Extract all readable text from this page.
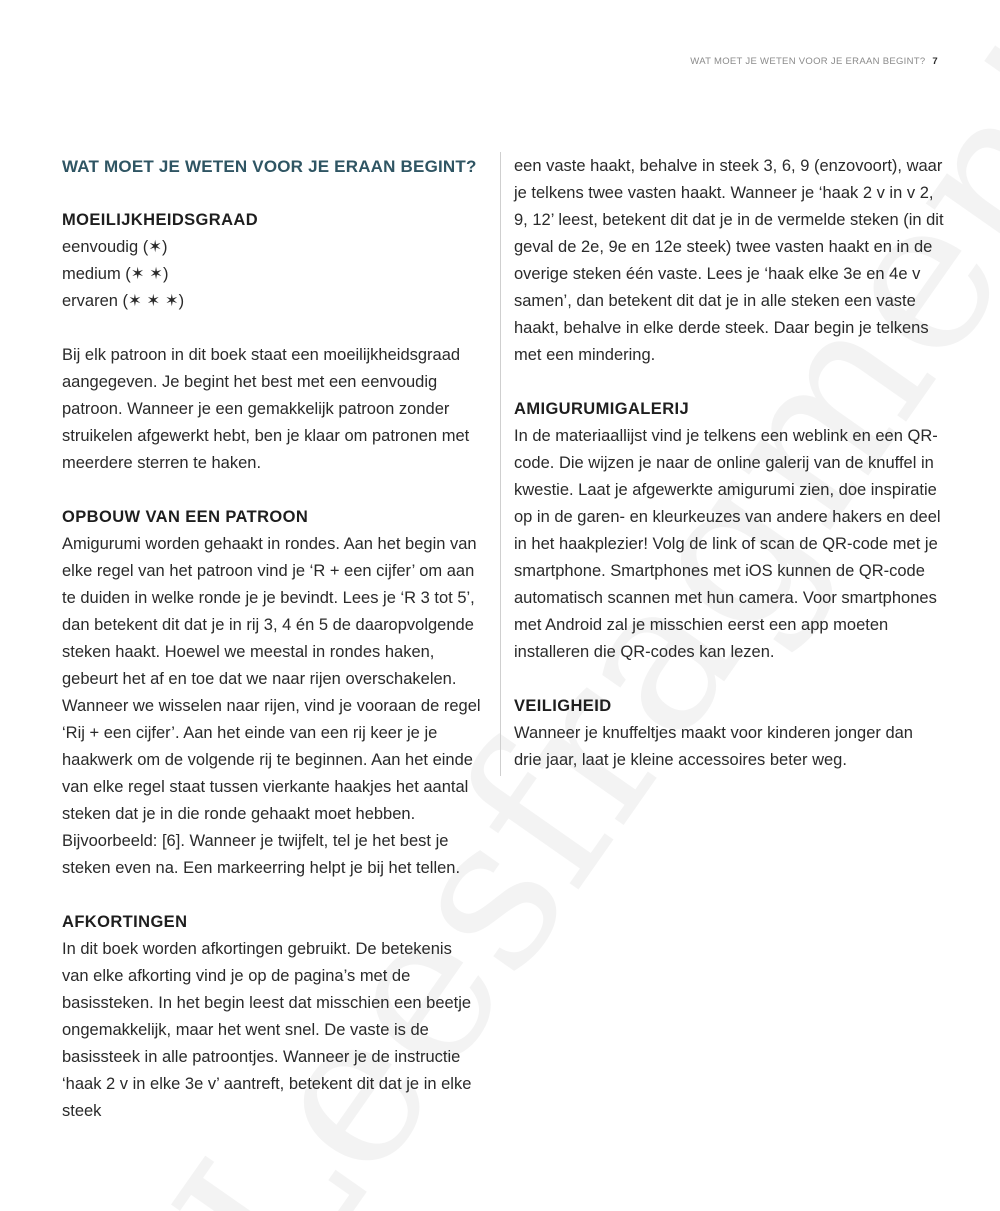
WAT MOET JE WETEN VOOR JE ERAAN BEGINT? 7
WAT MOET JE WETEN VOOR JE ERAAN BEGINT?
MOEILIJKHEIDSGRAAD

eenvoudig (✶)

medium (✶ ✶)

ervaren (✶ ✶ ✶)

Bij elk patroon in dit boek staat een moeilijkheidsgraad aangegeven. Je begint het best met een eenvoudig patroon. Wanneer je een gemakkelijk patroon zonder struikelen afgewerkt hebt, ben je klaar om patronen met meerdere sterren te haken.

OPBOUW VAN EEN PATROON

Amigurumi worden gehaakt in rondes. Aan het begin van elke regel van het patroon vind je ‘R + een cijfer’ om aan te duiden in welke ronde je je bevindt. Lees je ‘R 3 tot 5’, dan betekent dit dat je in rij 3, 4 én 5 de daaropvolgende steken haakt. Hoewel we meestal in rondes haken, gebeurt het af en toe dat we naar rijen overschakelen. Wanneer we wisselen naar rijen, vind je vooraan de regel ‘Rij + een cijfer’. Aan het einde van een rij keer je je haakwerk om de volgende rij te beginnen. Aan het einde van elke regel staat tussen vierkante haakjes het aantal steken dat je in die ronde gehaakt moet hebben. Bijvoorbeeld: [6]. Wanneer je twijfelt, tel je het best je steken even na. Een markeerring helpt je bij het tellen.

AFKORTINGEN

In dit boek worden afkortingen gebruikt. De betekenis van elke afkorting vind je op de pagina’s met de basissteken. In het begin leest dat misschien een beetje ongemakkelijk, maar het went snel. De vaste is de basissteek in alle patroontjes. Wanneer je de instructie ‘haak 2 v in elke 3e v’ aantreft, betekent dit dat je in elke steek

een vaste haakt, behalve in steek 3, 6, 9 (enzovoort), waar je telkens twee vasten haakt. Wanneer je ‘haak 2 v in v 2, 9, 12’ leest, betekent dit dat je in de vermelde steken (in dit geval de 2e, 9e en 12e steek) twee vasten haakt en in de overige steken één vaste. Lees je ‘haak elke 3e en 4e v samen’, dan betekent dit dat je in alle steken een vaste haakt, behalve in elke derde steek. Daar begin je telkens met een mindering.

AMIGURUMIGALERIJ

In de materiaallijst vind je telkens een weblink en een QR-code. Die wijzen je naar de online galerij van de knuffel in kwestie. Laat je afgewerkte amigurumi zien, doe inspiratie op in de garen- en kleurkeuzes van andere hakers en deel in het haakplezier! Volg de link of scan de QR-code met je smartphone. Smartphones met iOS kunnen de QR-code automatisch scannen met hun camera. Voor smartphones met Android zal je misschien eerst een app moeten installeren die QR-codes kan lezen.

VEILIGHEID

Wanneer je knuffeltjes maakt voor kinderen jonger dan drie jaar, laat je kleine accessoires beter weg.
